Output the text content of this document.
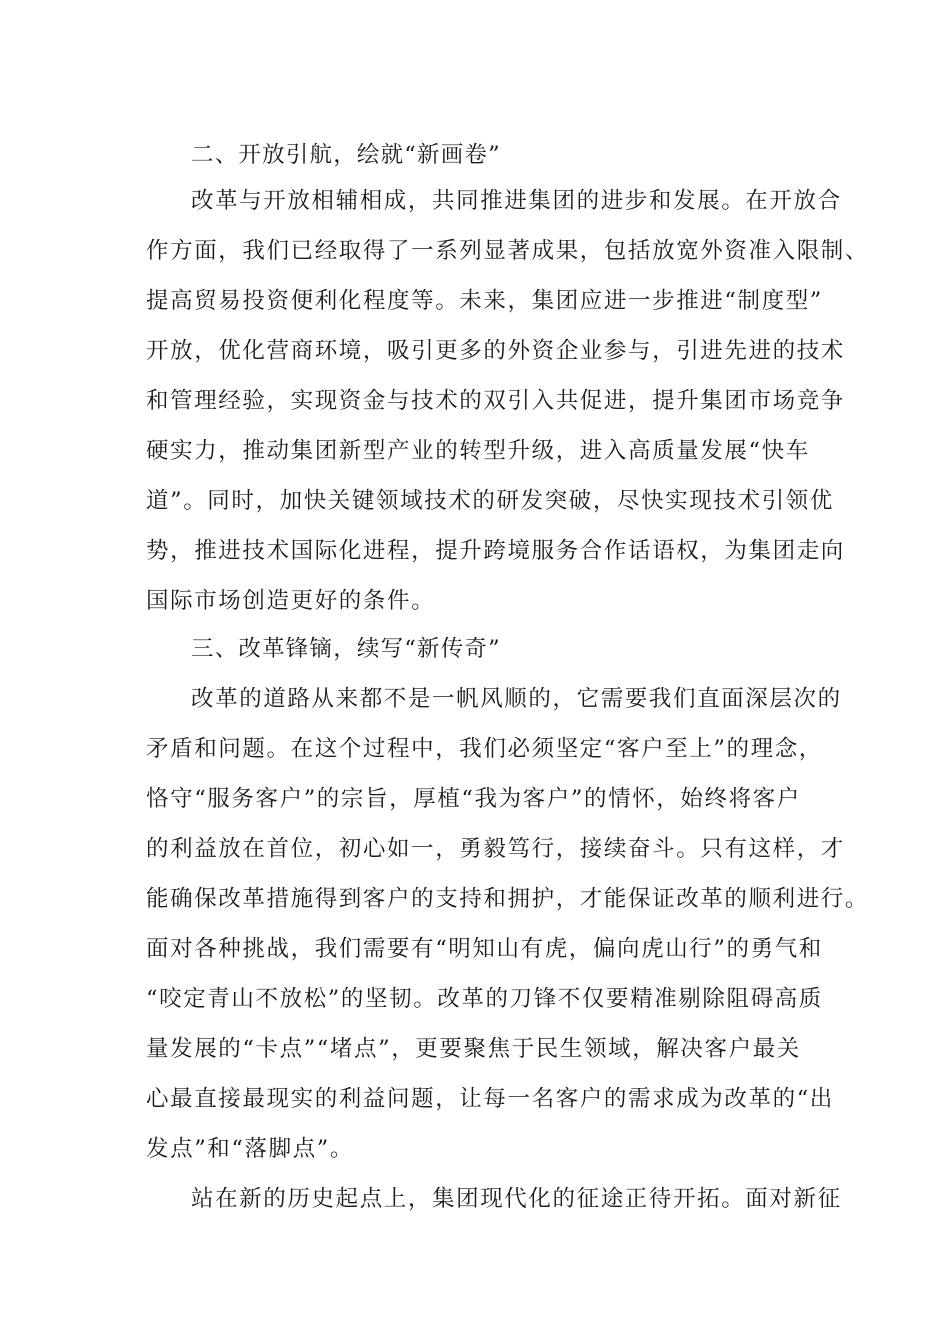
二、开放引航，绘就“新画卷”
改革与开放相辅相成，共同推进集团的进步和发展。在开放合
作方面，我们已经取得了一系列显著成果，包括放宽外资准入限制、
提高贸易投资便利化程度等。未来，集团应进一步推进“制度型”
开放，优化营商环境，吸引更多的外资企业参与，引进先进的技术
和管理经验，实现资金与技术的双引入共促进，提升集团市场竞争
硬实力，推动集团新型产业的转型升级，进入高质量发展“快车
道”。同时，加快关键领域技术的研发突破，尽快实现技术引领优
势，推进技术国际化进程，提升跨境服务合作话语权，为集团走向
国际市场创造更好的条件。
三、改革锋镝，续写“新传奇”
改革的道路从来都不是一帆风顺的，它需要我们直面深层次的
矛盾和问题。在这个过程中，我们必须坚定“客户至上”的理念，
恪守“服务客户”的宗旨，厚植“我为客户”的情怀，始终将客户
的利益放在首位，初心如一，勇毅笃行，接续奋斗。只有这样，才
能确保改革措施得到客户的支持和拥护，才能保证改革的顺利进行。
面对各种挑战，我们需要有“明知山有虎，偏向虎山行”的勇气和
“咬定青山不放松”的坚韧。改革的刀锋不仅要精准剔除阻碍高质
量发展的“卡点”“堵点”，更要聚焦于民生领域，解决客户最关
心最直接最现实的利益问题，让每一名客户的需求成为改革的“出
发点”和“落脚点”。
站在新的历史起点上，集团现代化的征途正待开拓。面对新征
